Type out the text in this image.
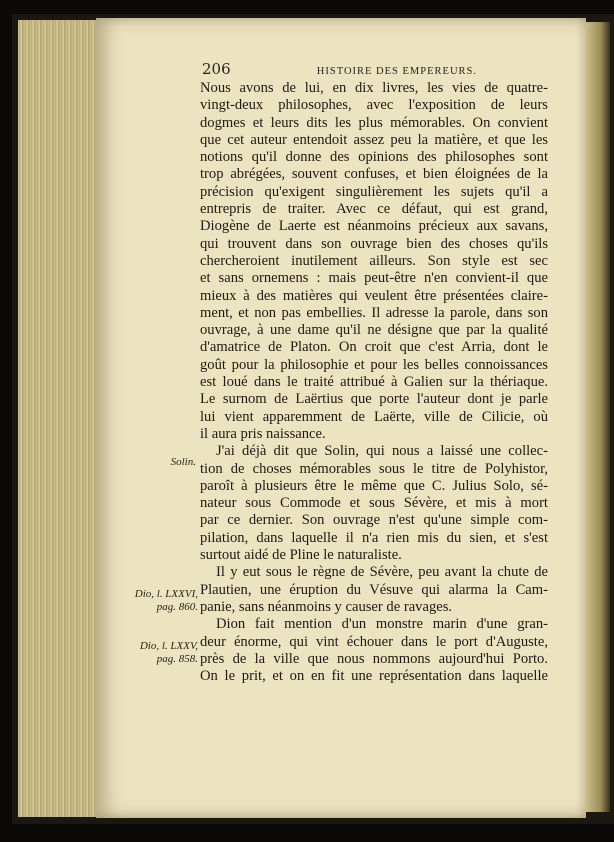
206	HISTOIRE DES EMPEREURS.
Nous avons de lui, en dix livres, les vies de quatre-
vingt-deux philosophes, avec l'exposition de leurs
dogmes et leurs dits les plus mémorables. On convient
que cet auteur entendoit assez peu la matière, et que les
notions qu'il donne des opinions des philosophes sont
trop abrégées, souvent confuses, et bien éloignées de la
précision qu'exigent singulièrement les sujets qu'il a
entrepris de traiter. Avec ce défaut, qui est grand,
Diogène de Laerte est néanmoins précieux aux savans,
qui trouvent dans son ouvrage bien des choses qu'ils
chercheroient inutilement ailleurs. Son style est sec
et sans ornemens : mais peut-être n'en convient-il que
mieux à des matières qui veulent être présentées claire-
ment, et non pas embellies. Il adresse la parole, dans son
ouvrage, à une dame qu'il ne désigne que par la qualité
d'amatrice de Platon. On croit que c'est Arria, dont le
goût pour la philosophie et pour les belles connoissances
est loué dans le traité attribué à Galien sur la thériaque.
Le surnom de Laërtius que porte l'auteur dont je parle
lui vient apparemment de Laërte, ville de Cilicie, où
il aura pris naissance.
J'ai déjà dit que Solin, qui nous a laissé une collec-
tion de choses mémorables sous le titre de Polyhistor,
paroît à plusieurs être le même que C. Julius Solo, sé-
nateur sous Commode et sous Sévère, et mis à mort
par ce dernier. Son ouvrage n'est qu'une simple com-
pilation, dans laquelle il n'a rien mis du sien, et s'est
surtout aidé de Pline le naturaliste.
Il y eut sous le règne de Sévère, peu avant la chute de
Plautien, une éruption du Vésuve qui alarma la Cam-
panie, sans néanmoins y causer de ravages.
Dion fait mention d'un monstre marin d'une gran-
deur énorme, qui vint échouer dans le port d'Auguste,
près de la ville que nous nommons aujourd'hui Porto.
On le prit, et on en fit une représentation dans laquelle
Solin.
Dio, l. LXXVI,
pag. 860.
Dio, l. LXXV,
pag. 858.
